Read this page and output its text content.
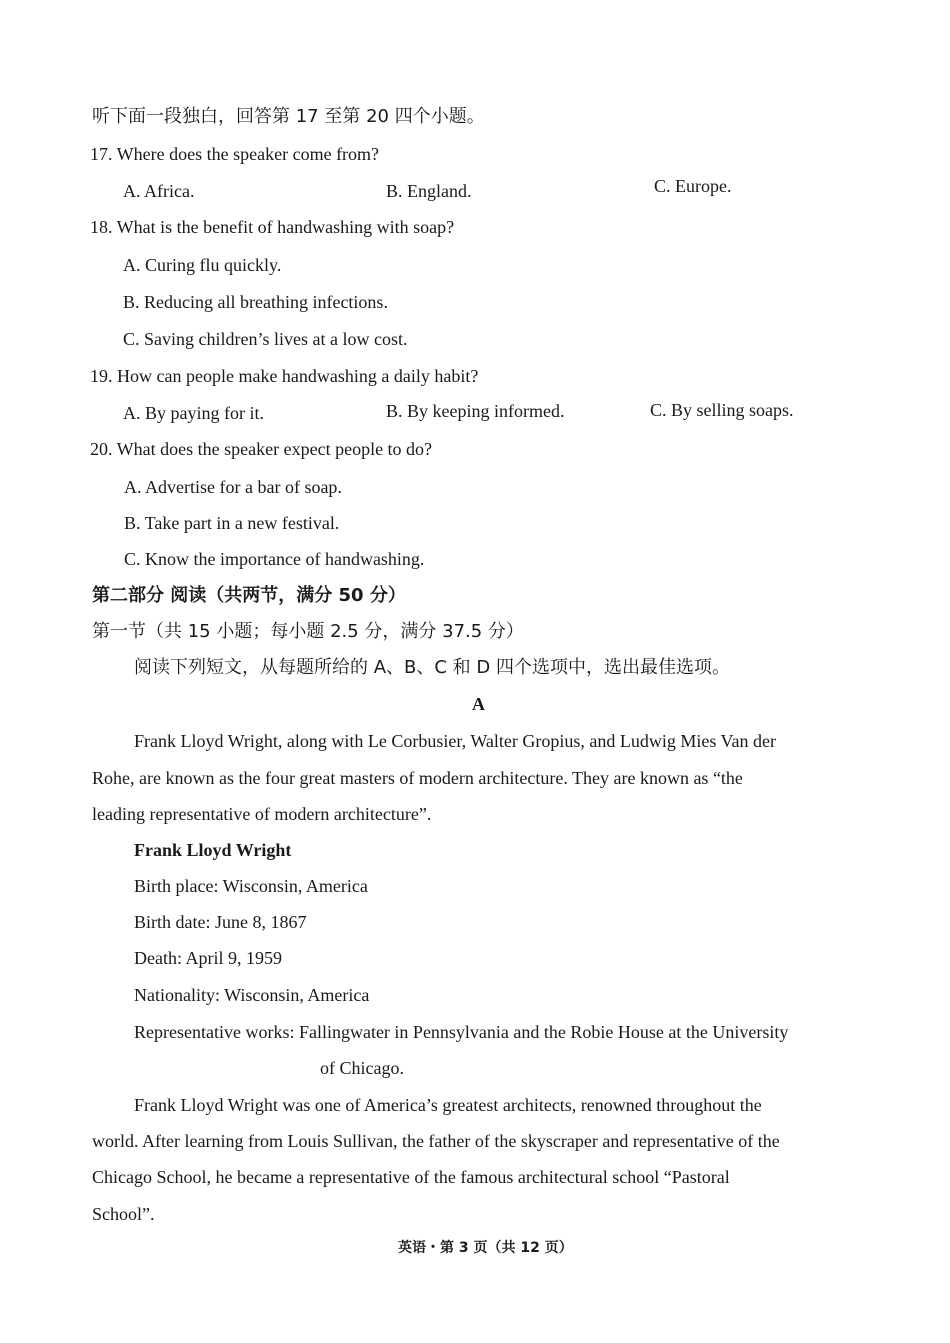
听下面一段独白，回答第 17 至第 20 四个小题。
17. Where does the speaker come from?
A. Africa.	B. England.	C. Europe.
18. What is the benefit of handwashing with soap?
A. Curing flu quickly.
B. Reducing all breathing infections.
C. Saving children’s lives at a low cost.
19. How can people make handwashing a daily habit?
A. By paying for it.	B. By keeping informed.	C. By selling soaps.
20. What does the speaker expect people to do?
A. Advertise for a bar of soap.
B. Take part in a new festival.
C. Know the importance of handwashing.
第二部分 阅读（共两节，满分 50 分）
第一节（共 15 小题；每小题 2.5 分，满分 37.5 分）
阅读下列短文，从每题所给的 A、B、C 和 D 四个选项中，选出最佳选项。
A
Frank Lloyd Wright, along with Le Corbusier, Walter Gropius, and Ludwig Mies Van der
Rohe, are known as the four great masters of modern architecture. They are known as “the
leading representative of modern architecture”.
Frank Lloyd Wright
Birth place: Wisconsin, America
Birth date: June 8, 1867
Death: April 9, 1959
Nationality: Wisconsin, America
Representative works: Fallingwater in Pennsylvania and the Robie House at the University
of Chicago.
Frank Lloyd Wright was one of America’s greatest architects, renowned throughout the
world. After learning from Louis Sullivan, the father of the skyscraper and representative of the
Chicago School, he became a representative of the famous architectural school “Pastoral
School”.
英语・第 3 页（共 12 页）
